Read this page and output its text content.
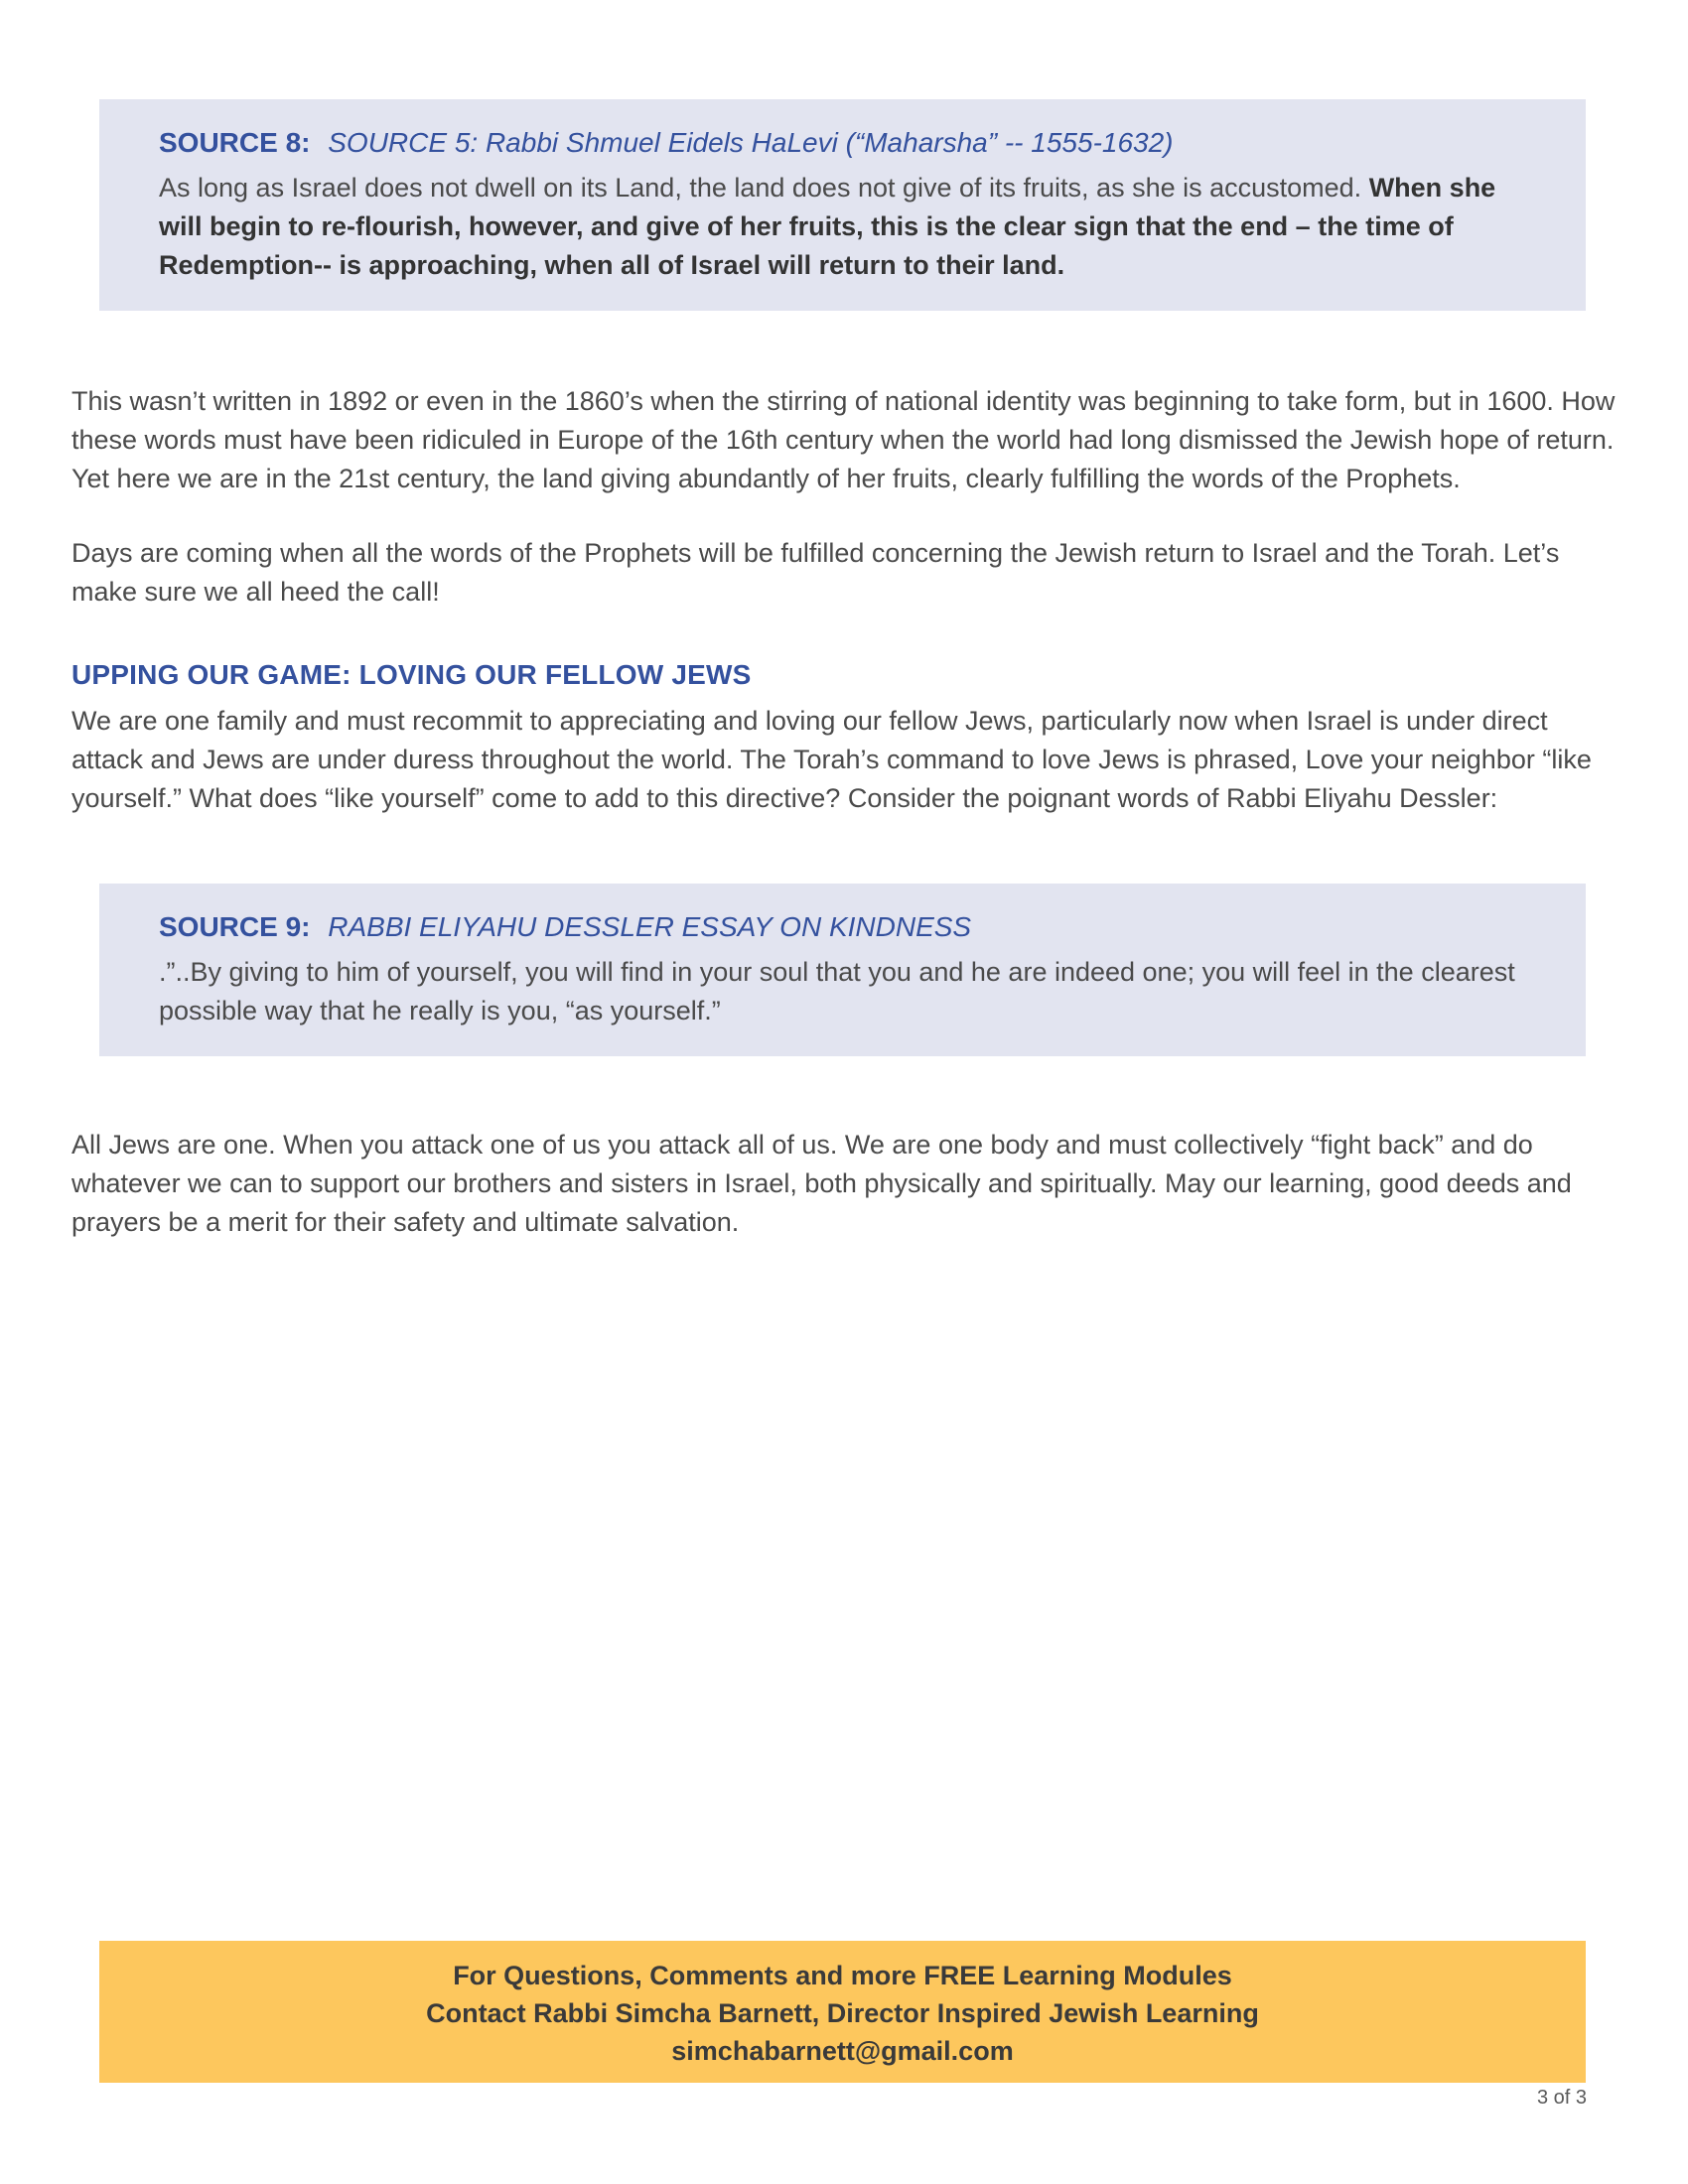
SOURCE 8: SOURCE 5: Rabbi Shmuel Eidels HaLevi (“Maharsha” -- 1555-1632)

As long as Israel does not dwell on its Land, the land does not give of its fruits, as she is accustomed. When she will begin to re-flourish, however, and give of her fruits, this is the clear sign that the end – the time of Redemption-- is approaching, when all of Israel will return to their land.

This wasn’t written in 1892 or even in the 1860’s when the stirring of national identity was beginning to take form, but in 1600. How these words must have been ridiculed in Europe of the 16th century when the world had long dismissed the Jewish hope of return. Yet here we are in the 21st century, the land giving abundantly of her fruits, clearly fulfilling the words of the Prophets.

Days are coming when all the words of the Prophets will be fulfilled concerning the Jewish return to Israel and the Torah. Let’s make sure we all heed the call!

UPPING OUR GAME: LOVING OUR FELLOW JEWS

We are one family and must recommit to appreciating and loving our fellow Jews, particularly now when Israel is under direct attack and Jews are under duress throughout the world. The Torah’s command to love Jews is phrased, Love your neighbor “like yourself.” What does “like yourself” come to add to this directive? Consider the poignant words of Rabbi Eliyahu Dessler:

SOURCE 9: RABBI ELIYAHU DESSLER ESSAY ON KINDNESS

.”..By giving to him of yourself, you will find in your soul that you and he are indeed one; you will feel in the clearest possible way that he really is you, “as yourself.”

All Jews are one. When you attack one of us you attack all of us. We are one body and must collectively “fight back” and do whatever we can to support our brothers and sisters in Israel, both physically and spiritually. May our learning, good deeds and prayers be a merit for their safety and ultimate salvation.

For Questions, Comments and more FREE Learning Modules

Contact Rabbi Simcha Barnett, Director Inspired Jewish Learning

simchabarnett@gmail.com

3 of 3
